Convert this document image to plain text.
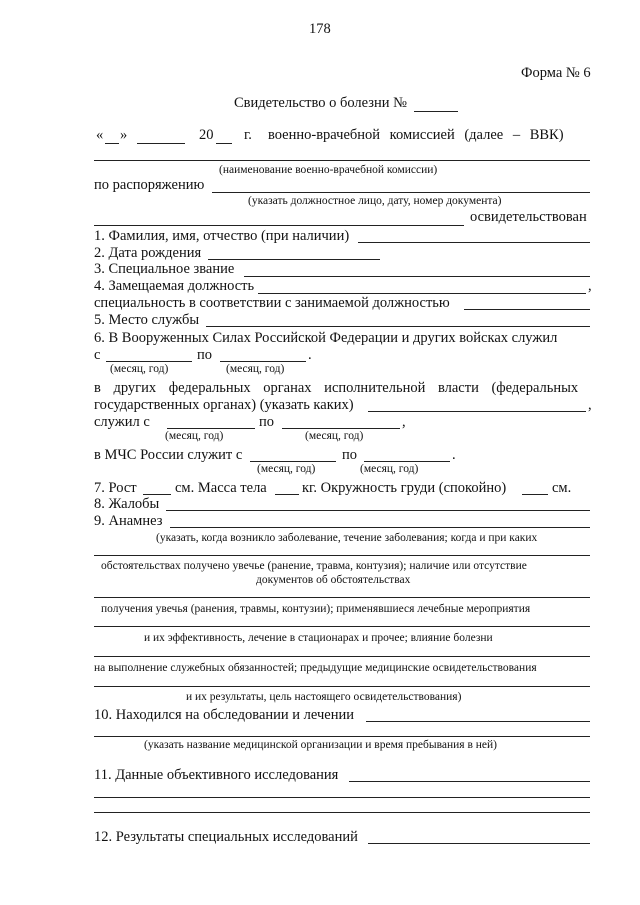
178
Форма № 6
Свидетельство о болезни №
« »	20 г. военно-врачебной комиссией (далее – ВВК)
(наименование военно-врачебной комиссии)
по распоряжению
(указать должностное лицо, дату, номер документа)
освидетельствован
1. Фамилия, имя, отчество (при наличии)
2. Дата рождения
3. Специальное звание
4. Замещаемая должность	,
специальность в соответствии с занимаемой должностью
5. Место службы
6. В Вооруженных Силах Российской Федерации и других войсках служил
с	по	.
(месяц, год)	(месяц, год)
в других федеральных органах исполнительной власти (федеральных
государственных органах) (указать каких)	,
служил с	по	,
(месяц, год)	(месяц, год)
в МЧС России служит с	по	.
(месяц, год)	(месяц, год)
7. Рост	см. Масса тела кг. Окружность груди (спокойно)	см.
8. Жалобы
9. Анамнез
(указать, когда возникло заболевание, течение заболевания; когда и при каких
обстоятельствах получено увечье (ранение, травма, контузия); наличие или отсутствие
документов об обстоятельствах
получения увечья (ранения, травмы, контузии); применявшиеся лечебные мероприятия
и их эффективность, лечение в стационарах и прочее; влияние болезни
на выполнение служебных обязанностей; предыдущие медицинские освидетельствования
и их результаты, цель настоящего освидетельствования)
10. Находился на обследовании и лечении
(указать название медицинской организации и время пребывания в ней)
11. Данные объективного исследования
12. Результаты специальных исследований
